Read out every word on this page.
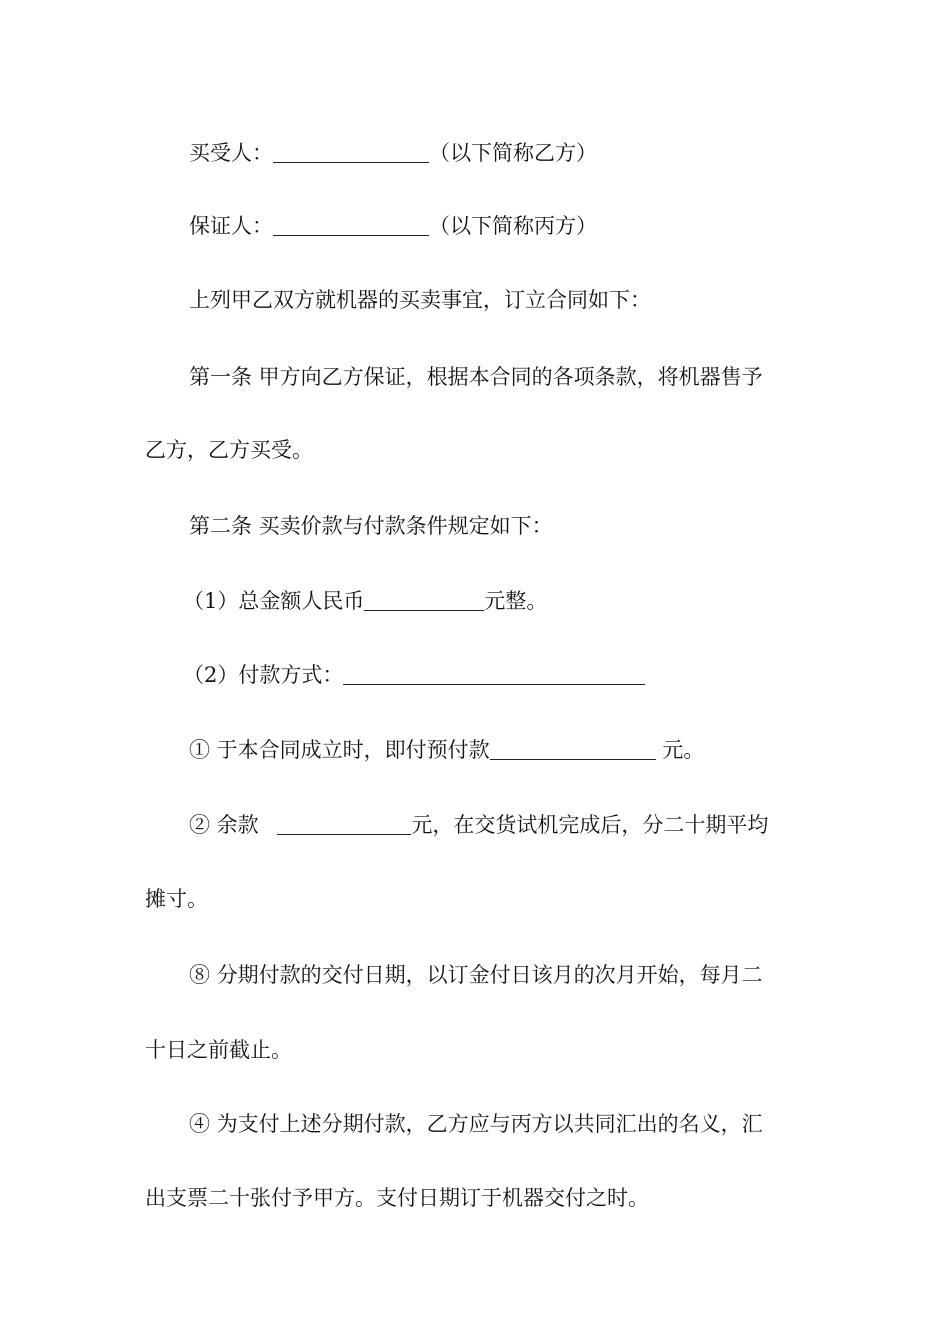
买受人：	（以下简称乙方）
保证人：	（以下简称丙方）
上列甲乙双方就机器的买卖事宜，订立合同如下：
第一条 甲方向乙方保证，根据本合同的各项条款，将机器售予
乙方，乙方买受。
第二条 买卖价款与付款条件规定如下：
（1）总金额人民币	元整。
（2）付款方式：
① 于本合同成立时，即付预付款	元。
② 余款	元，在交货试机完成后，分二十期平均
摊寸。
⑧ 分期付款的交付日期，以订金付日该月的次月开始，每月二
十日之前截止。
④ 为支付上述分期付款，乙方应与丙方以共同汇出的名义，汇
出支票二十张付予甲方。支付日期订于机器交付之时。
